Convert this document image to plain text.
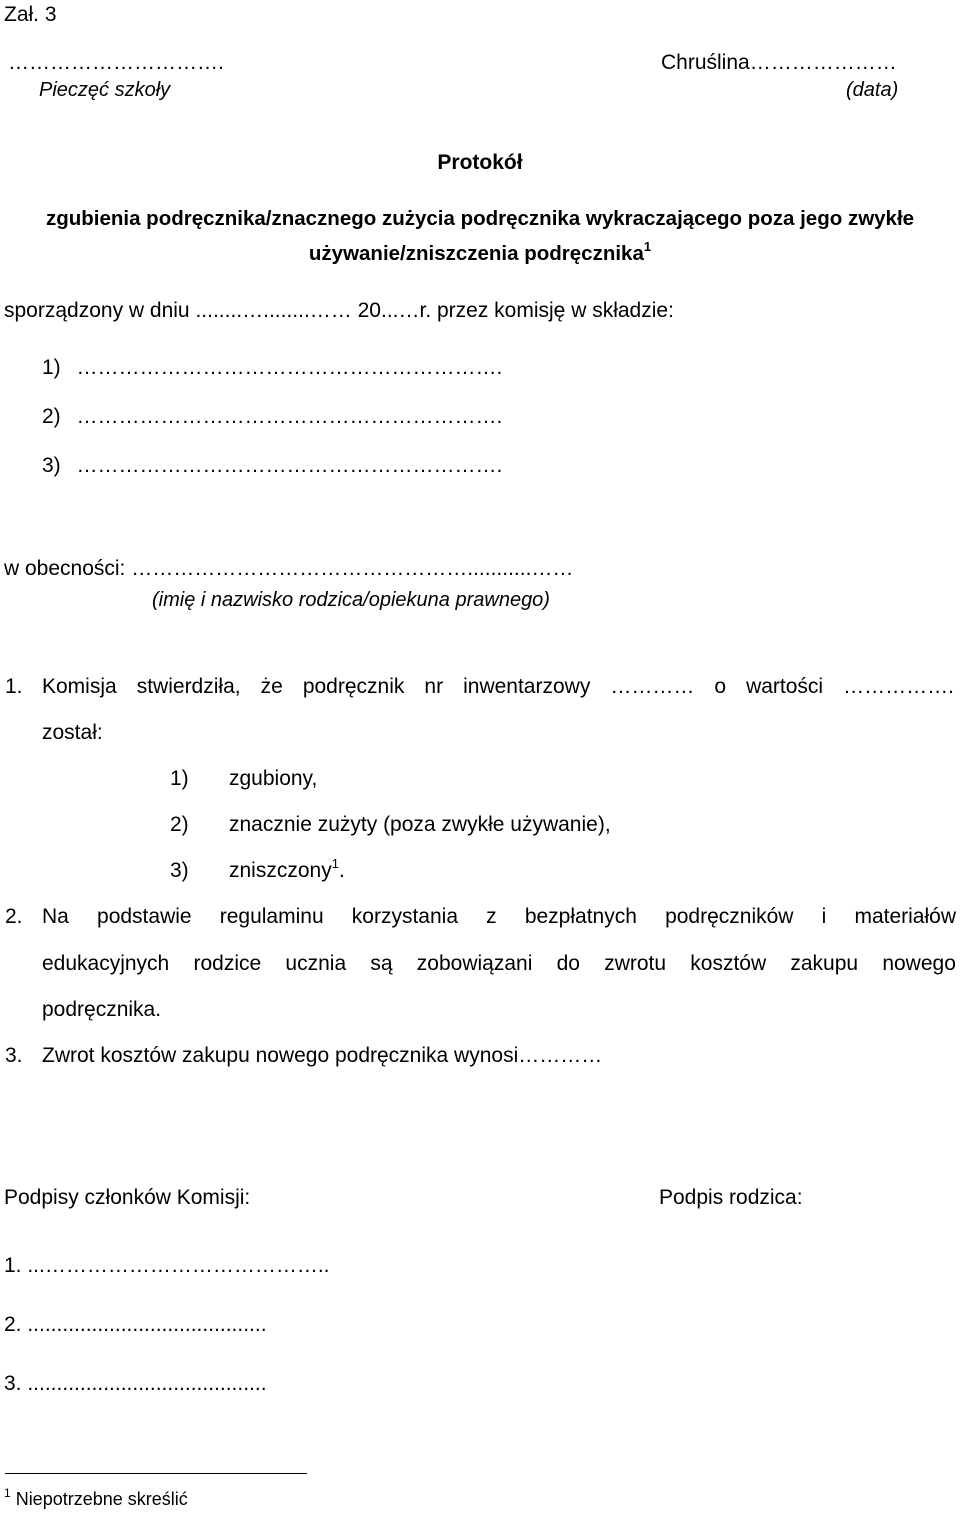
Zał. 3
………………………….
Pieczęć szkoły
Chruślina…………………
(data)
Protokół
zgubienia podręcznika/znacznego zużycia podręcznika wykraczającego poza jego zwykłe
używanie/zniszczenia podręcznika$^1$
sporządzony w dniu ........…........…… 20...…r. przez komisję w składzie:
1) …………………………………………………….
2) …………………………………………………….
3) …………………………………………………….
w obecności: …………………………………………...........……
(imię i nazwisko rodzica/opiekuna prawnego)
1. Komisja stwierdziła, że podręcznik nr inwentarzowy ………… o wartości …………….
został:
1) zgubiony,
2) znacznie zużyty (poza zwykłe używanie),
3) zniszczony$^1$.
2. Na podstawie regulaminu korzystania z bezpłatnych podręczników i materiałów
edukacyjnych rodzice ucznia są zobowiązani do zwrotu kosztów zakupu nowego
podręcznika.
3. Zwrot kosztów zakupu nowego podręcznika wynosi…………
Podpisy członków Komisji:	Podpis rodzica:
1. ...…………………………………..
2. .........................................
3. .........................................
$^1$ Niepotrzebne skreślić
